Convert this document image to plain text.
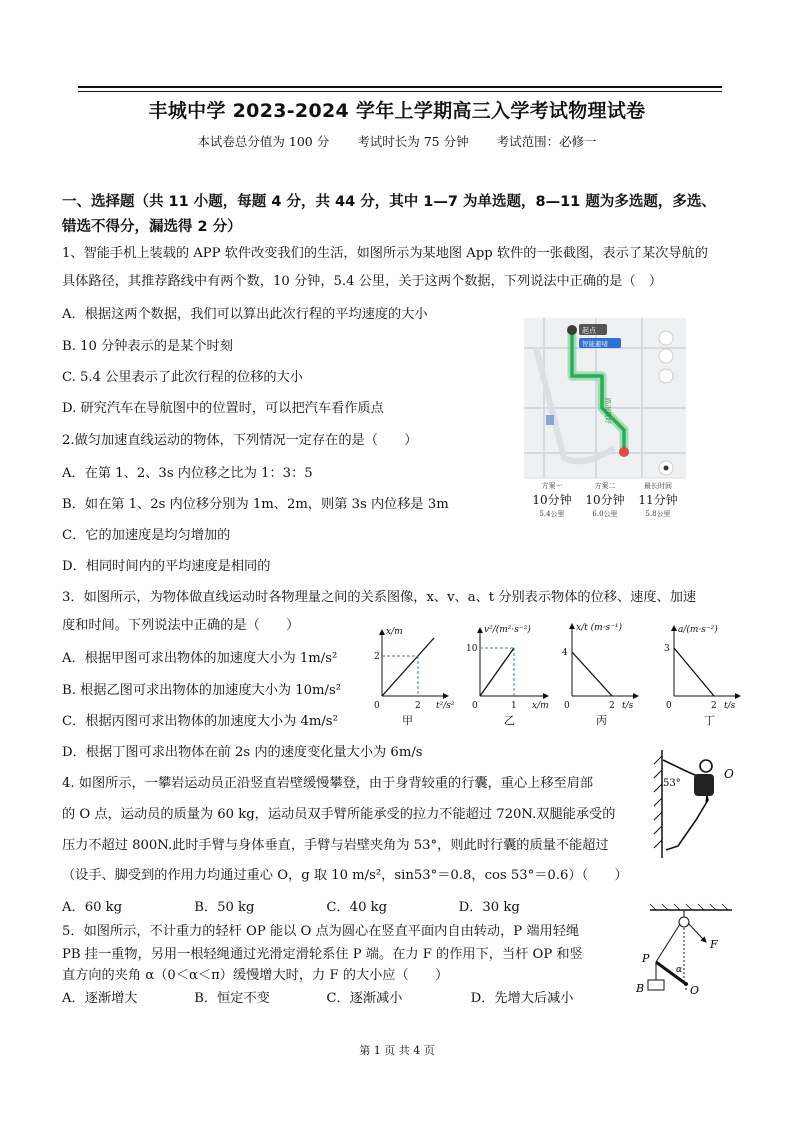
丰城中学 2023-2024 学年上学期高三入学考试物理试卷
本试卷总分值为 100 分 考试时长为 75 分钟 考试范围：必修一
一、选择题（共 11 小题，每题 4 分，共 44 分，其中 1—7 为单选题，8—11 题为多选题，多选、
错选不得分，漏选得 2 分）
1、智能手机上装载的 APP 软件改变我们的生活，如图所示为某地图 App 软件的一张截图，表示了某次导航的
具体路径，其推荐路线中有两个数，10 分钟，5.4 公里，关于这两个数据，下列说法中正确的是（　）
A．根据这两个数据，我们可以算出此次行程的平均速度的大小
B. 10 分钟表示的是某个时刻
C. 5.4 公里表示了此次行程的位移的大小
D. 研究汽车在导航图中的位置时，可以把汽车看作质点
起点
智能避堵
路况良好
方案一	方案二	最长时间
10分钟 10分钟 11分钟
5.4公里	6.0公里	5.8公里
2.做匀加速直线运动的物体，下列情况一定存在的是（　　）
A．在第 1、2、3s 内位移之比为 1：3：5
B．如在第 1、2s 内位移分别为 1m、2m，则第 3s 内位移是 3m
C．它的加速度是均匀增加的
D．相同时间内的平均速度是相同的
3．如图所示，为物体做直线运动时各物理量之间的关系图像，x、v、a、t 分别表示物体的位移、速度、加速
度和时间。下列说法中正确的是（　　）
A．根据甲图可求出物体的加速度大小为 1m/s²
B. 根据乙图可求出物体的加速度大小为 10m/s²
C．根据丙图可求出物体的加速度大小为 4m/s²
D．根据丁图可求出物体在前 2s 内的速度变化量大小为 6m/s
x/m
t²/s²
2
2
0
甲
v²/(m²·s⁻²)
x/m
10
1
0
乙
x/t (m·s⁻¹)
t/s
4
2
0
丙
a/(m·s⁻²)
t/s
3
2
0
丁
4. 如图所示，一攀岩运动员正沿竖直岩壁缓慢攀登，由于身背较重的行囊，重心上移至肩部
的 O 点，运动员的质量为 60 kg，运动员双手臂所能承受的拉力不能超过 720N.双腿能承受的
压力不超过 800N.此时手臂与身体垂直，手臂与岩壁夹角为 53°，则此时行囊的质量不能超过
（设手、脚受到的作用力均通过重心 O，g 取 10 m/s²，sin53°＝0.8，cos 53°＝0.6）（　　）
A．60 kg	B．50 kg	C．40 kg	D．30 kg
53°
O
5．如图所示，不计重力的轻杆 OP 能以 O 点为圆心在竖直平面内自由转动，P 端用轻绳
PB 挂一重物，另用一根轻绳通过光滑定滑轮系住 P 端。在力 F 的作用下，当杆 OP 和竖
直方向的夹角 α（0＜α＜π）缓慢增大时，力 F 的大小应（　　）
A．逐渐增大	B．恒定不变	C．逐渐减小	D．先增大后减小
P
F
B	O
α
第 1 页 共 4 页
